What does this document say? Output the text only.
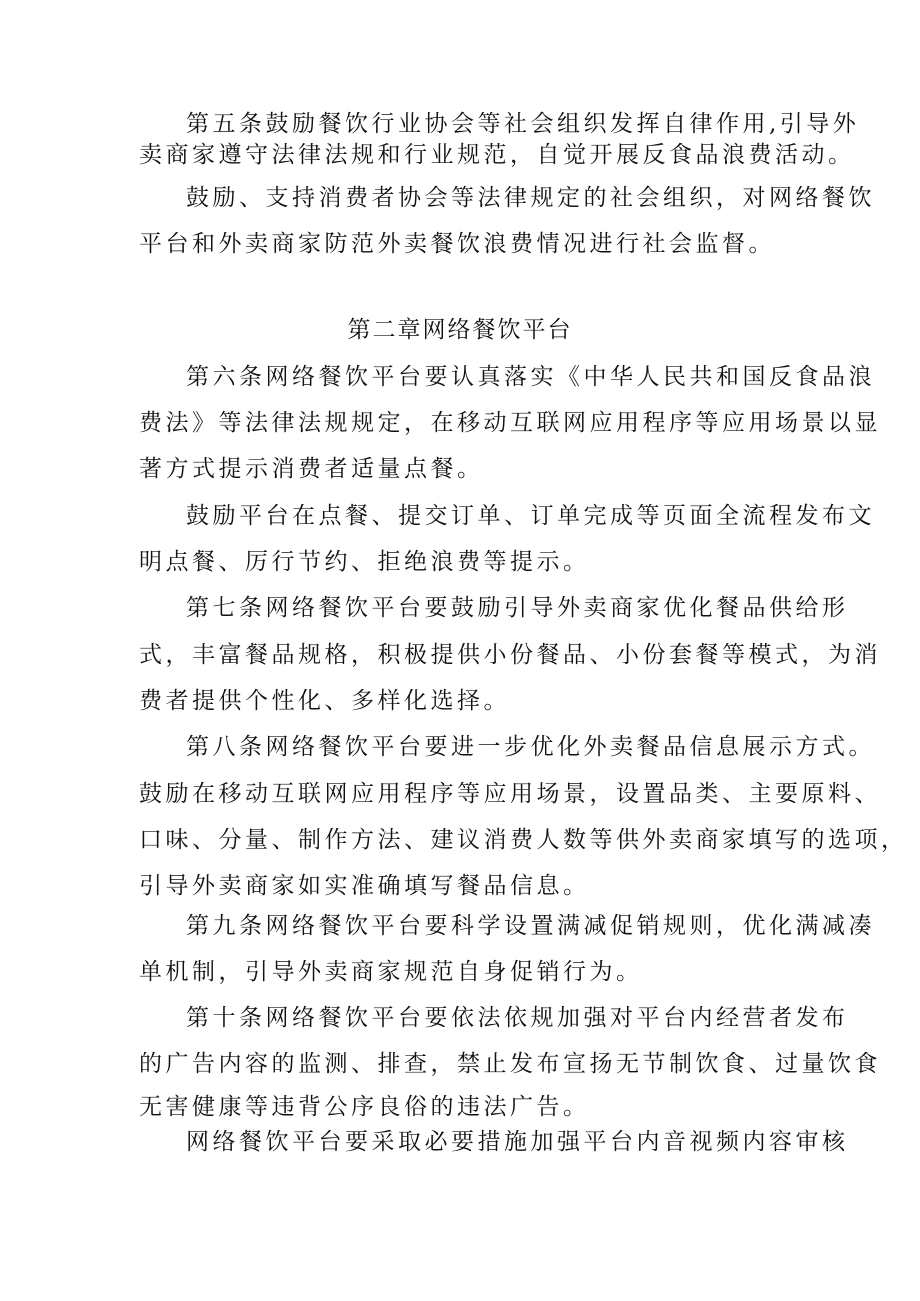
第五条鼓励餐饮行业协会等社会组织发挥自律作用,引导外
卖商家遵守法律法规和行业规范，自觉开展反食品浪费活动。
鼓励、支持消费者协会等法律规定的社会组织，对网络餐饮
平台和外卖商家防范外卖餐饮浪费情况进行社会监督。
第二章网络餐饮平台
第六条网络餐饮平台要认真落实《中华人民共和国反食品浪
费法》等法律法规规定，在移动互联网应用程序等应用场景以显
著方式提示消费者适量点餐。
鼓励平台在点餐、提交订单、订单完成等页面全流程发布文
明点餐、厉行节约、拒绝浪费等提示。
第七条网络餐饮平台要鼓励引导外卖商家优化餐品供给形
式，丰富餐品规格，积极提供小份餐品、小份套餐等模式，为消
费者提供个性化、多样化选择。
第八条网络餐饮平台要进一步优化外卖餐品信息展示方式。
鼓励在移动互联网应用程序等应用场景，设置品类、主要原料、
口味、分量、制作方法、建议消费人数等供外卖商家填写的选项，
引导外卖商家如实准确填写餐品信息。
第九条网络餐饮平台要科学设置满减促销规则，优化满减凑
单机制，引导外卖商家规范自身促销行为。
第十条网络餐饮平台要依法依规加强对平台内经营者发布
的广告内容的监测、排查，禁止发布宣扬无节制饮食、过量饮食
无害健康等违背公序良俗的违法广告。
网络餐饮平台要采取必要措施加强平台内音视频内容审核
